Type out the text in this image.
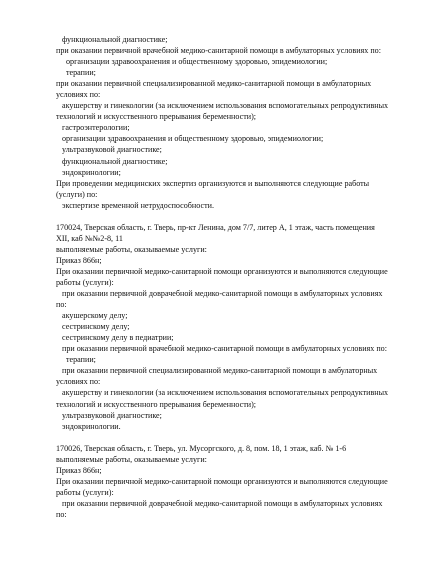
функциональной диагностике;
при оказании первичной врачебной медико-санитарной помощи в амбулаторных условиях по:
организации здравоохранения и общественному здоровью, эпидемиологии;
терапии;
при оказании первичной специализированной медико-санитарной помощи в амбулаторных
условиях по:
акушерству и гинекологии (за исключением использования вспомогательных репродуктивных
технологий и искусственного прерывания беременности);
гастроэнтерологии;
организации здравоохранения и общественному здоровью, эпидемиологии;
ультразвуковой диагностике;
функциональной диагностике;
эндокринологии;
При проведении медицинских экспертиз организуются и выполняются следующие работы
(услуги) по:
экспертизе временной нетрудоспособности.
170024, Тверская область, г. Тверь, пр-кт Ленина, дом 7/7, литер А, 1 этаж, часть помещения
XII, каб №№2-8, 11
выполняемые работы, оказываемые услуги:
Приказ 866н;
При оказании первичной медико-санитарной помощи организуются и выполняются следующие
работы (услуги):
при оказании первичной доврачебной медико-санитарной помощи в амбулаторных условиях
по:
акушерскому делу;
сестринскому делу;
сестринскому делу в педиатрии;
при оказании первичной врачебной медико-санитарной помощи в амбулаторных условиях по:
терапии;
при оказании первичной специализированной медико-санитарной помощи в амбулаторных
условиях по:
акушерству и гинекологии (за исключением использования вспомогательных репродуктивных
технологий и искусственного прерывания беременности);
ультразвуковой диагностике;
эндокринологии.
170026, Тверская область, г. Тверь, ул. Мусоргского, д. 8, пом. 18, 1 этаж, каб. № 1-6
выполняемые работы, оказываемые услуги:
Приказ 866н;
При оказании первичной медико-санитарной помощи организуются и выполняются следующие
работы (услуги):
при оказании первичной доврачебной медико-санитарной помощи в амбулаторных условиях
по:
